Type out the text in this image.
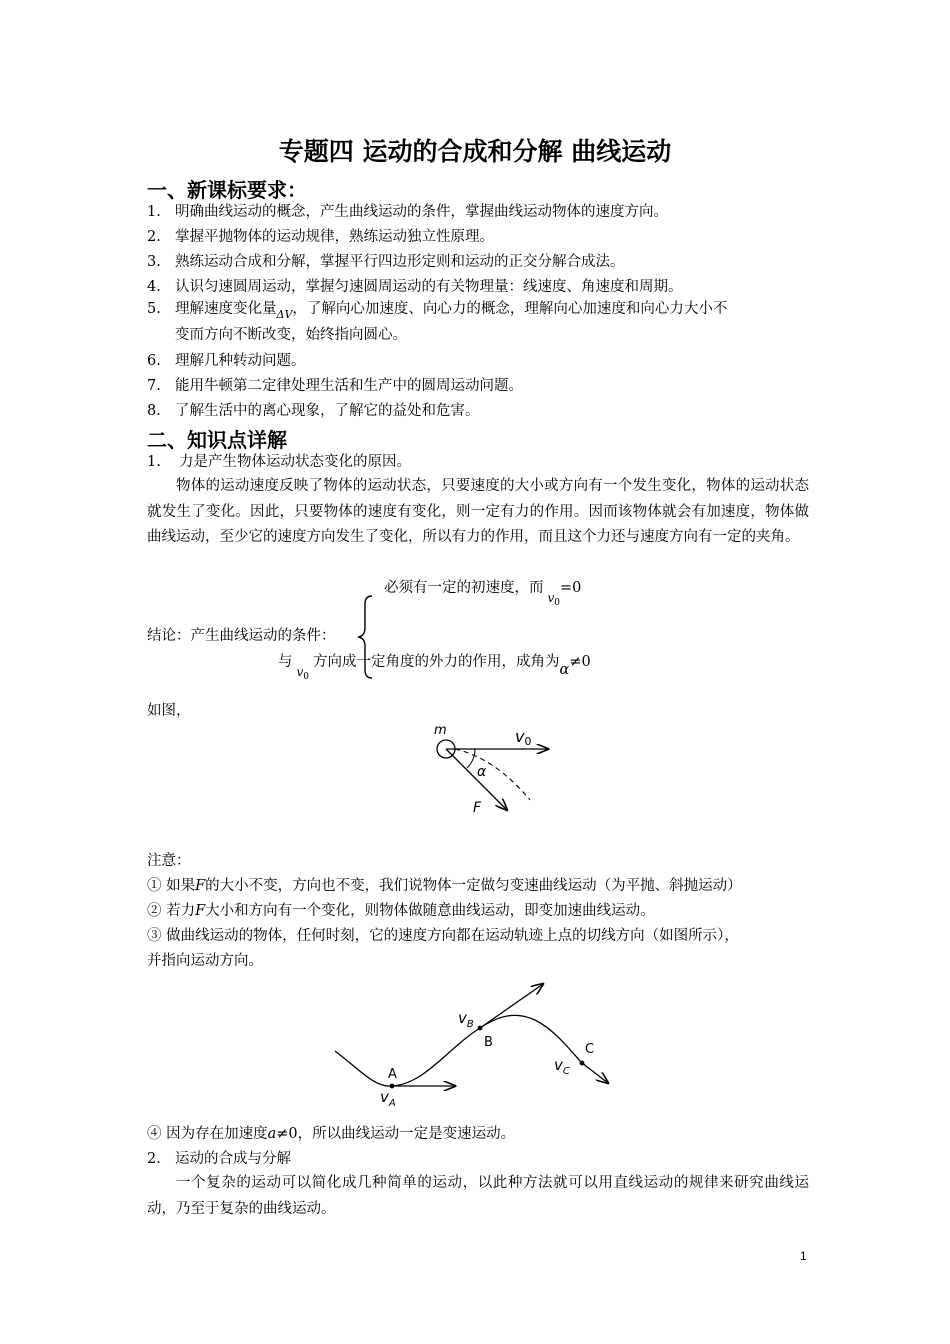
专题四 运动的合成和分解 曲线运动
一、新课标要求：
1. 明确曲线运动的概念，产生曲线运动的条件，掌握曲线运动物体的速度方向。
2. 掌握平抛物体的运动规律，熟练运动独立性原理。
3. 熟练运动合成和分解，掌握平行四边形定则和运动的正交分解合成法。
4. 认识匀速圆周运动，掌握匀速圆周运动的有关物理量：线速度、角速度和周期。
5. 理解速度变化量$_{\Delta V}$，了解向心加速度、向心力的概念，理解向心加速度和向心力大小不
变而方向不断改变，始终指向圆心。
6. 理解几种转动问题。
7. 能用牛顿第二定律处理生活和生产中的圆周运动问题。
8. 了解生活中的离心现象，了解它的益处和危害。
二、知识点详解
1. 力是产生物体运动状态变化的原因。
物体的运动速度反映了物体的运动状态，只要速度的大小或方向有一个发生变化，物体的运动状态就发生了变化。因此，只要物体的速度有变化，则一定有力的作用。因而该物体就会有加速度，物体做曲线运动，至少它的速度方向发生了变化，所以有力的作用，而且这个力还与速度方向有一定的夹角。
必须有一定的初速度，而$_{v_0}$=0
结论：产生曲线运动的条件：
与$_{v_0}$方向成一定角度的外力的作用，成角为α≠0
如图，
m	v0
α
F
注意：
① 如果F的大小不变，方向也不变，我们说物体一定做匀变速曲线运动（为平抛、斜抛运动）
② 若力F大小和方向有一个变化，则物体做随意曲线运动，即变加速曲线运动。
③ 做曲线运动的物体，任何时刻，它的速度方向都在运动轨迹上点的切线方向（如图所示），
并指向运动方向。
A
B	C
$v_A$
$v_B$
$v_C$
④ 因为存在加速度a≠0，所以曲线运动一定是变速运动。
2. 运动的合成与分解
一个复杂的运动可以简化成几种简单的运动，以此种方法就可以用直线运动的规律来研究曲线运动，乃至于复杂的曲线运动。
1
